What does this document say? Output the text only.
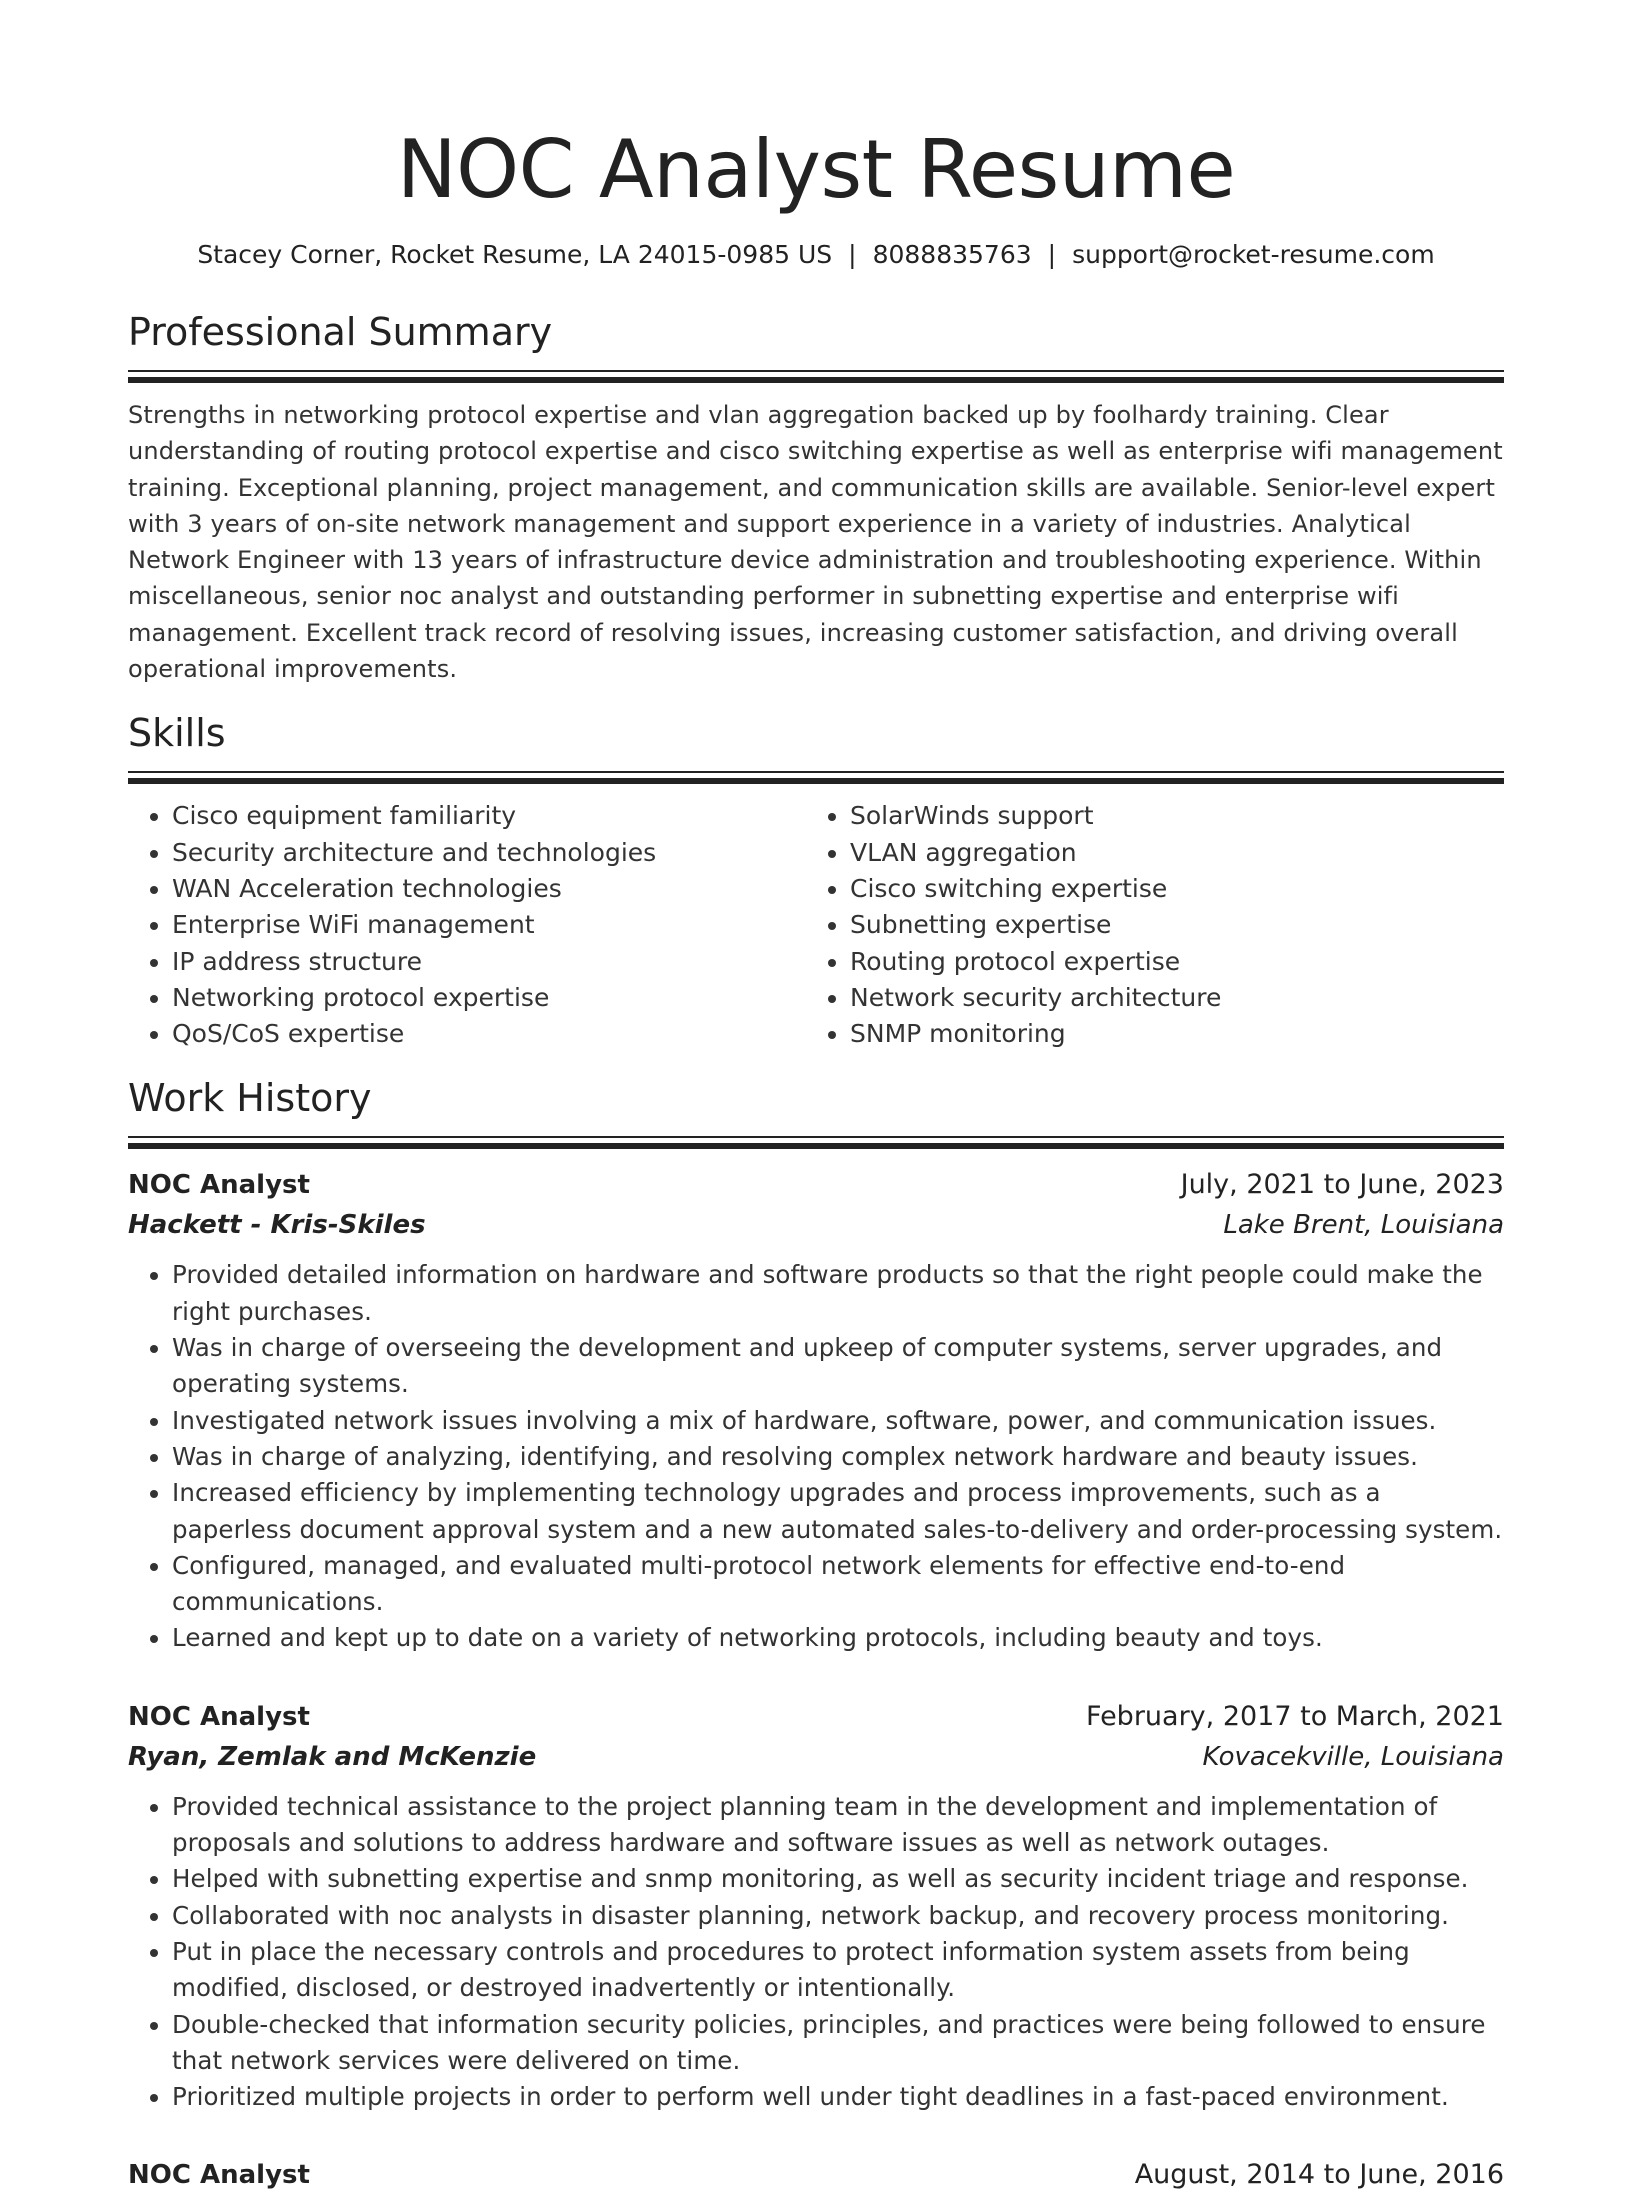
NOC Analyst Resume
Stacey Corner, Rocket Resume, LA 24015-0985 US | 8088835763 | support@rocket-resume.com
Professional Summary
Strengths in networking protocol expertise and vlan aggregation backed up by foolhardy training. Clear understanding of routing protocol expertise and cisco switching expertise as well as enterprise wifi management training. Exceptional planning, project management, and communication skills are available. Senior-level expert with 3 years of on-site network management and support experience in a variety of industries. Analytical Network Engineer with 13 years of infrastructure device administration and troubleshooting experience. Within miscellaneous, senior noc analyst and outstanding performer in subnetting expertise and enterprise wifi management. Excellent track record of resolving issues, increasing customer satisfaction, and driving overall operational improvements.
Skills
• Cisco equipment familiarity
• Security architecture and technologies
• WAN Acceleration technologies
• Enterprise WiFi management
• IP address structure
• Networking protocol expertise
• QoS/CoS expertise
• SolarWinds support
• VLAN aggregation
• Cisco switching expertise
• Subnetting expertise
• Routing protocol expertise
• Network security architecture
• SNMP monitoring
Work History
NOC Analyst	July, 2021 to June, 2023
Hackett - Kris-Skiles	Lake Brent, Louisiana
• Provided detailed information on hardware and software products so that the right people could make the right purchases.
• Was in charge of overseeing the development and upkeep of computer systems, server upgrades, and operating systems.
• Investigated network issues involving a mix of hardware, software, power, and communication issues.
• Was in charge of analyzing, identifying, and resolving complex network hardware and beauty issues.
• Increased efficiency by implementing technology upgrades and process improvements, such as a paperless document approval system and a new automated sales-to-delivery and order-processing system.
• Configured, managed, and evaluated multi-protocol network elements for effective end-to-end communications.
• Learned and kept up to date on a variety of networking protocols, including beauty and toys.
NOC Analyst	February, 2017 to March, 2021
Ryan, Zemlak and McKenzie	Kovacekville, Louisiana
• Provided technical assistance to the project planning team in the development and implementation of proposals and solutions to address hardware and software issues as well as network outages.
• Helped with subnetting expertise and snmp monitoring, as well as security incident triage and response.
• Collaborated with noc analysts in disaster planning, network backup, and recovery process monitoring.
• Put in place the necessary controls and procedures to protect information system assets from being modified, disclosed, or destroyed inadvertently or intentionally.
• Double-checked that information security policies, principles, and practices were being followed to ensure that network services were delivered on time.
• Prioritized multiple projects in order to perform well under tight deadlines in a fast-paced environment.
NOC Analyst	August, 2014 to June, 2016
